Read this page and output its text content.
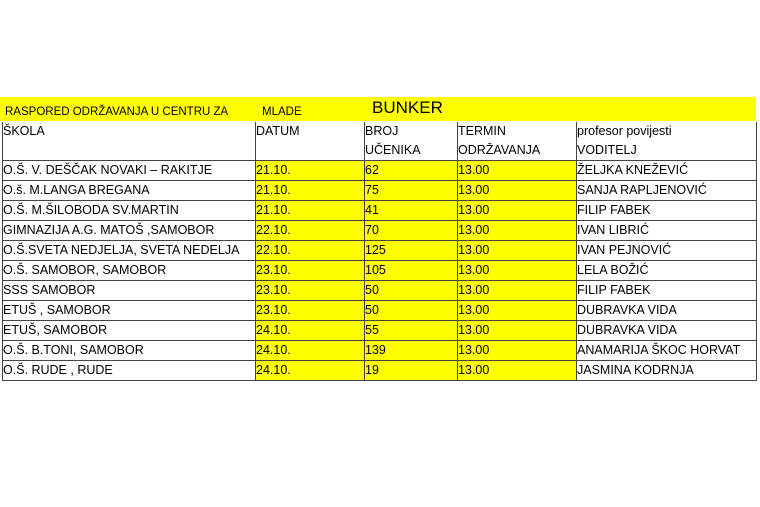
RASPORED ODRŽAVANJA U CENTRU ZA	MLADE	BUNKER
ŠKOLA	DATUM	BROJ	TERMIN	profesor povijesti
		UČENIKA	ODRŽAVANJA	VODITELJ
O.Š. V. DEŠČAK NOVAKI – RAKITJE	21.10.	62	13.00	ŽELJKA KNEŽEVIĆ
O.š. M.LANGA BREGANA	21.10.	75	13.00	SANJA RAPLJENOVIĆ
O.Š. M.ŠILOBODA SV.MARTIN	21.10.	41	13.00	FILIP FABEK
GIMNAZIJA A.G. MATOŠ ,SAMOBOR	22.10.	70	13.00	IVAN LIBRIĆ
O.Š.SVETA NEDJELJA, SVETA NEDELJA	22.10.	125	13.00	IVAN PEJNOVIĆ
O.Š. SAMOBOR, SAMOBOR	23.10.	105	13.00	LELA BOŽIĆ
SSS SAMOBOR	23.10.	50	13.00	FILIP FABEK
ETUŠ , SAMOBOR	23.10.	50	13.00	DUBRAVKA VIDA
ETUŠ, SAMOBOR	24.10.	55	13.00	DUBRAVKA VIDA
O.Š. B.TONI, SAMOBOR	24.10.	139	13.00	ANAMARIJA ŠKOC HORVAT
O.Š. RUDE , RUDE	24.10.	19	13.00	JASMINA KODRNJA
